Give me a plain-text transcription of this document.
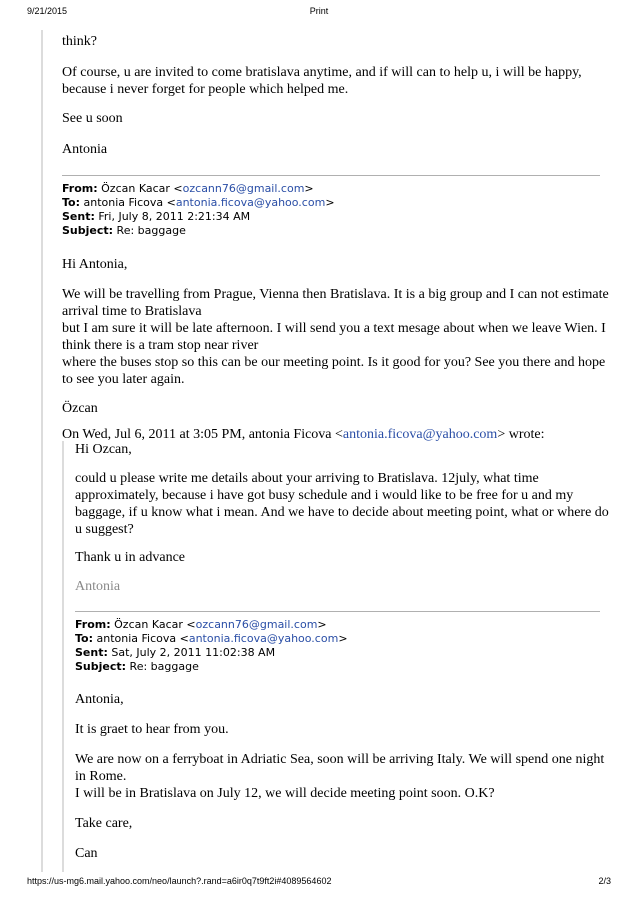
9/21/2015	Print
think?
Of course, u are invited to come bratislava anytime, and if will can to help u, i will be happy,
because i never forget for people which helped me.
See u soon
Antonia
From: Özcan Kacar <ozcann76@gmail.com>
To: antonia Ficova <antonia.ficova@yahoo.com>
Sent: Fri, July 8, 2011 2:21:34 AM
Subject: Re: baggage
Hi Antonia,
We will be travelling from Prague, Vienna then Bratislava. It is a big group and I can not estimate
arrival time to Bratislava
but I am sure it will be late afternoon. I will send you a text mesage about when we leave Wien. I
think there is a tram stop near river
where the buses stop so this can be our meeting point. Is it good for you? See you there and hope
to see you later again.
Özcan
On Wed, Jul 6, 2011 at 3:05 PM, antonia Ficova <antonia.ficova@yahoo.com> wrote:
Hi Ozcan,
could u please write me details about your arriving to Bratislava. 12july, what time
approximately, because i have got busy schedule and i would like to be free for u and my
baggage, if u know what i mean. And we have to decide about meeting point, what or where do
u suggest?
Thank u in advance
Antonia
From: Özcan Kacar <ozcann76@gmail.com>
To: antonia Ficova <antonia.ficova@yahoo.com>
Sent: Sat, July 2, 2011 11:02:38 AM
Subject: Re: baggage
Antonia,
It is graet to hear from you.
We are now on a ferryboat in Adriatic Sea, soon will be arriving Italy. We will spend one night
in Rome.
I will be in Bratislava on July 12, we will decide meeting point soon. O.K?
Take care,
Can
https://us-mg6.mail.yahoo.com/neo/launch?.rand=a6ir0q7t9ft2i#4089564602	2/3
